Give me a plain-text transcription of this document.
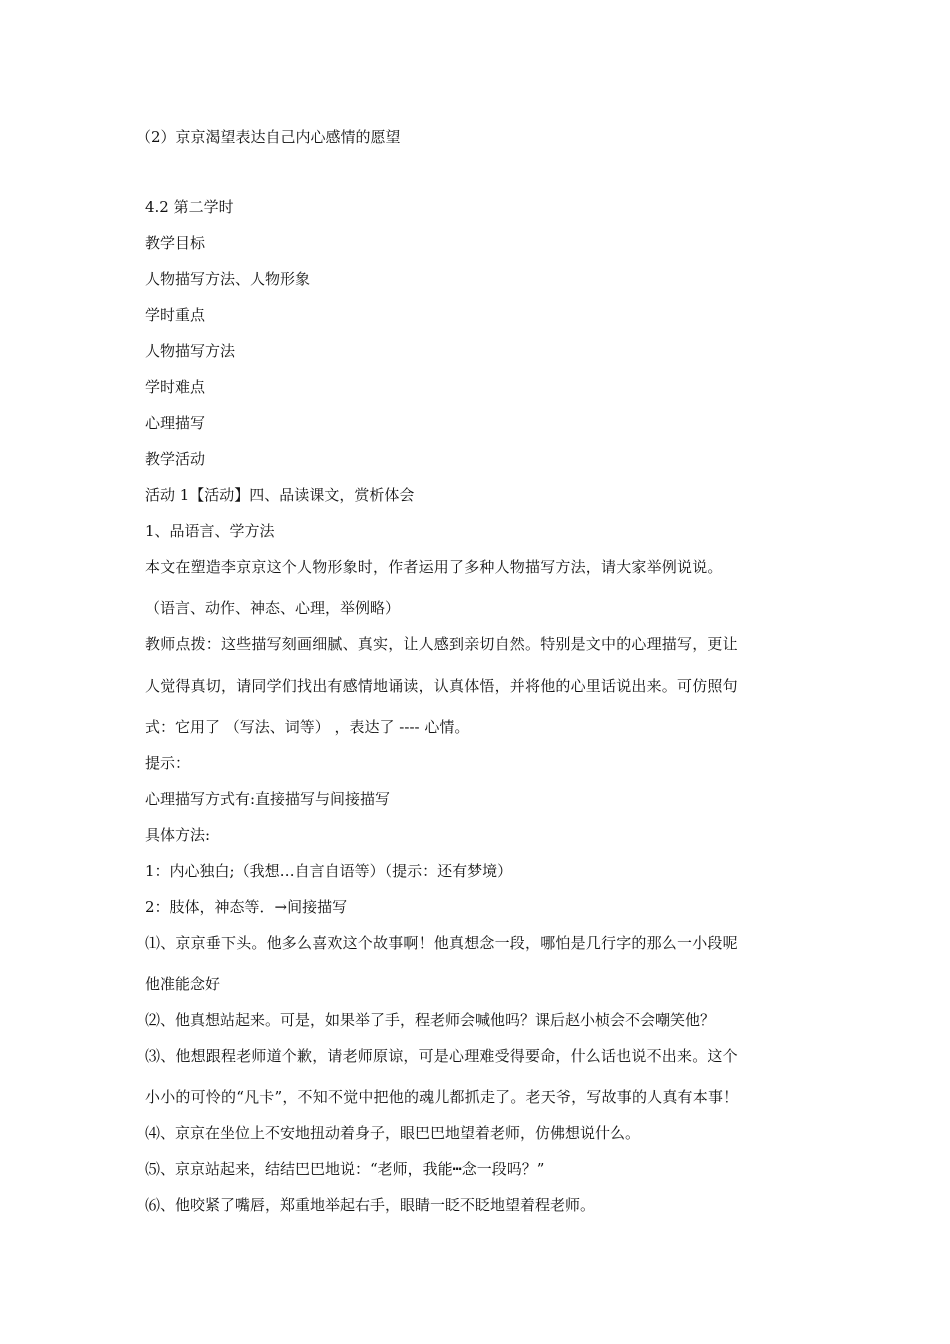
（2）京京渴望表达自己内心感情的愿望
4.2 第二学时
教学目标
人物描写方法、人物形象
学时重点
人物描写方法
学时难点
心理描写
教学活动
活动 1【活动】四、品读课文，赏析体会
1、品语言、学方法
本文在塑造李京京这个人物形象时，作者运用了多种人物描写方法，请大家举例说说。
（语言、动作、神态、心理，举例略）
教师点拨：这些描写刻画细腻、真实，让人感到亲切自然。特别是文中的心理描写，更让
人觉得真切，请同学们找出有感情地诵读，认真体悟，并将他的心里话说出来。可仿照句
式：它用了 （写法、词等） ，表达了 ---- 心情。
提示：
心理描写方式有:直接描写与间接描写
具体方法:
1：内心独白;（我想…自言自语等）（提示：还有梦境）
2：肢体，神态等．→间接描写
⑴、京京垂下头。他多么喜欢这个故事啊！他真想念一段，哪怕是几行字的那么一小段呢
他准能念好
⑵、他真想站起来。可是，如果举了手，程老师会喊他吗？课后赵小桢会不会嘲笑他？
⑶、他想跟程老师道个歉，请老师原谅，可是心理难受得要命，什么话也说不出来。这个
小小的可怜的“凡卡”，不知不觉中把他的魂儿都抓走了。老天爷，写故事的人真有本事！
⑷、京京在坐位上不安地扭动着身子，眼巴巴地望着老师，仿佛想说什么。
⑸、京京站起来，结结巴巴地说：“老师，我能┅念一段吗？”
⑹、他咬紧了嘴唇，郑重地举起右手，眼睛一眨不眨地望着程老师。
